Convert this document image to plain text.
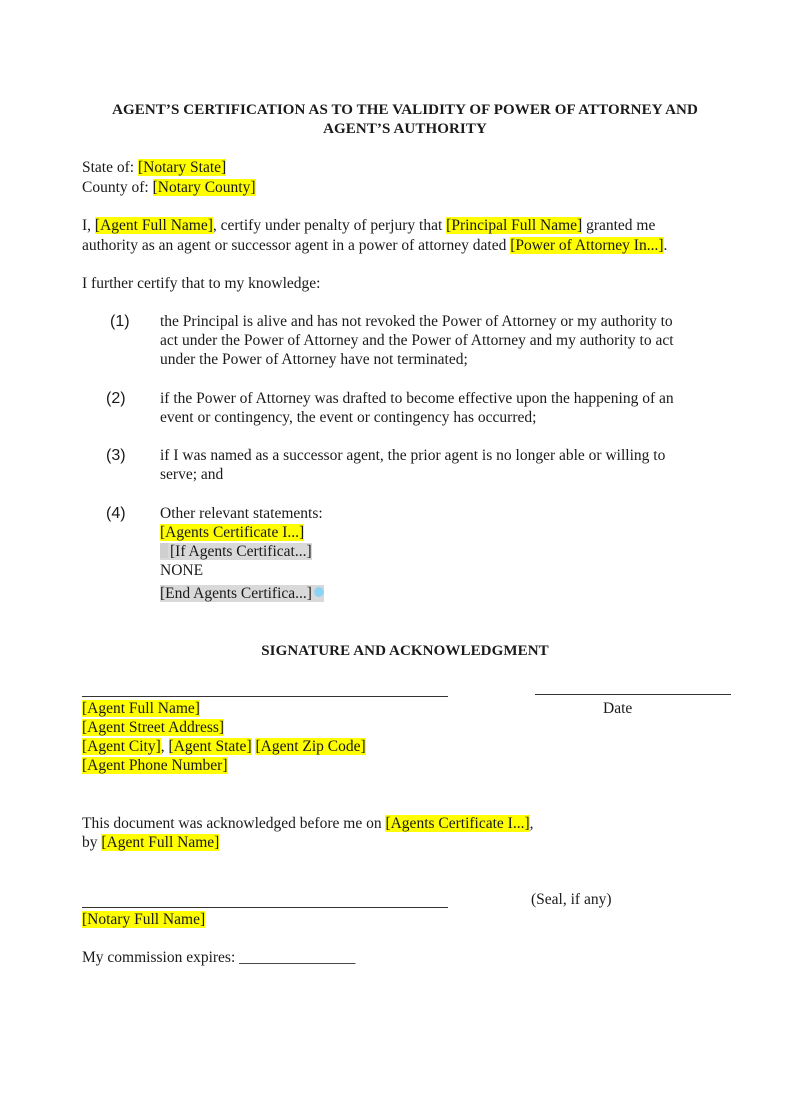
AGENT’S CERTIFICATION AS TO THE VALIDITY OF POWER OF ATTORNEY AND
AGENT’S AUTHORITY
State of: [Notary State]
County of: [Notary County]
I, [Agent Full Name], certify under penalty of perjury that [Principal Full Name] granted me
authority as an agent or successor agent in a power of attorney dated [Power of Attorney In...].
I further certify that to my knowledge:
(1) the Principal is alive and has not revoked the Power of Attorney or my authority to
act under the Power of Attorney and the Power of Attorney and my authority to act
under the Power of Attorney have not terminated;
(2) if the Power of Attorney was drafted to become effective upon the happening of an
event or contingency, the event or contingency has occurred;
(3) if I was named as a successor agent, the prior agent is no longer able or willing to
serve; and
(4) Other relevant statements:
[Agents Certificate I...]
[If Agents Certificat...]
NONE
[End Agents Certifica...]
SIGNATURE AND ACKNOWLEDGMENT
Date
[Agent Full Name]
[Agent Street Address]
[Agent City], [Agent State] [Agent Zip Code]
[Agent Phone Number]
This document was acknowledged before me on [Agents Certificate I...],
by [Agent Full Name]
(Seal, if any)
[Notary Full Name]
My commission expires: _______________
